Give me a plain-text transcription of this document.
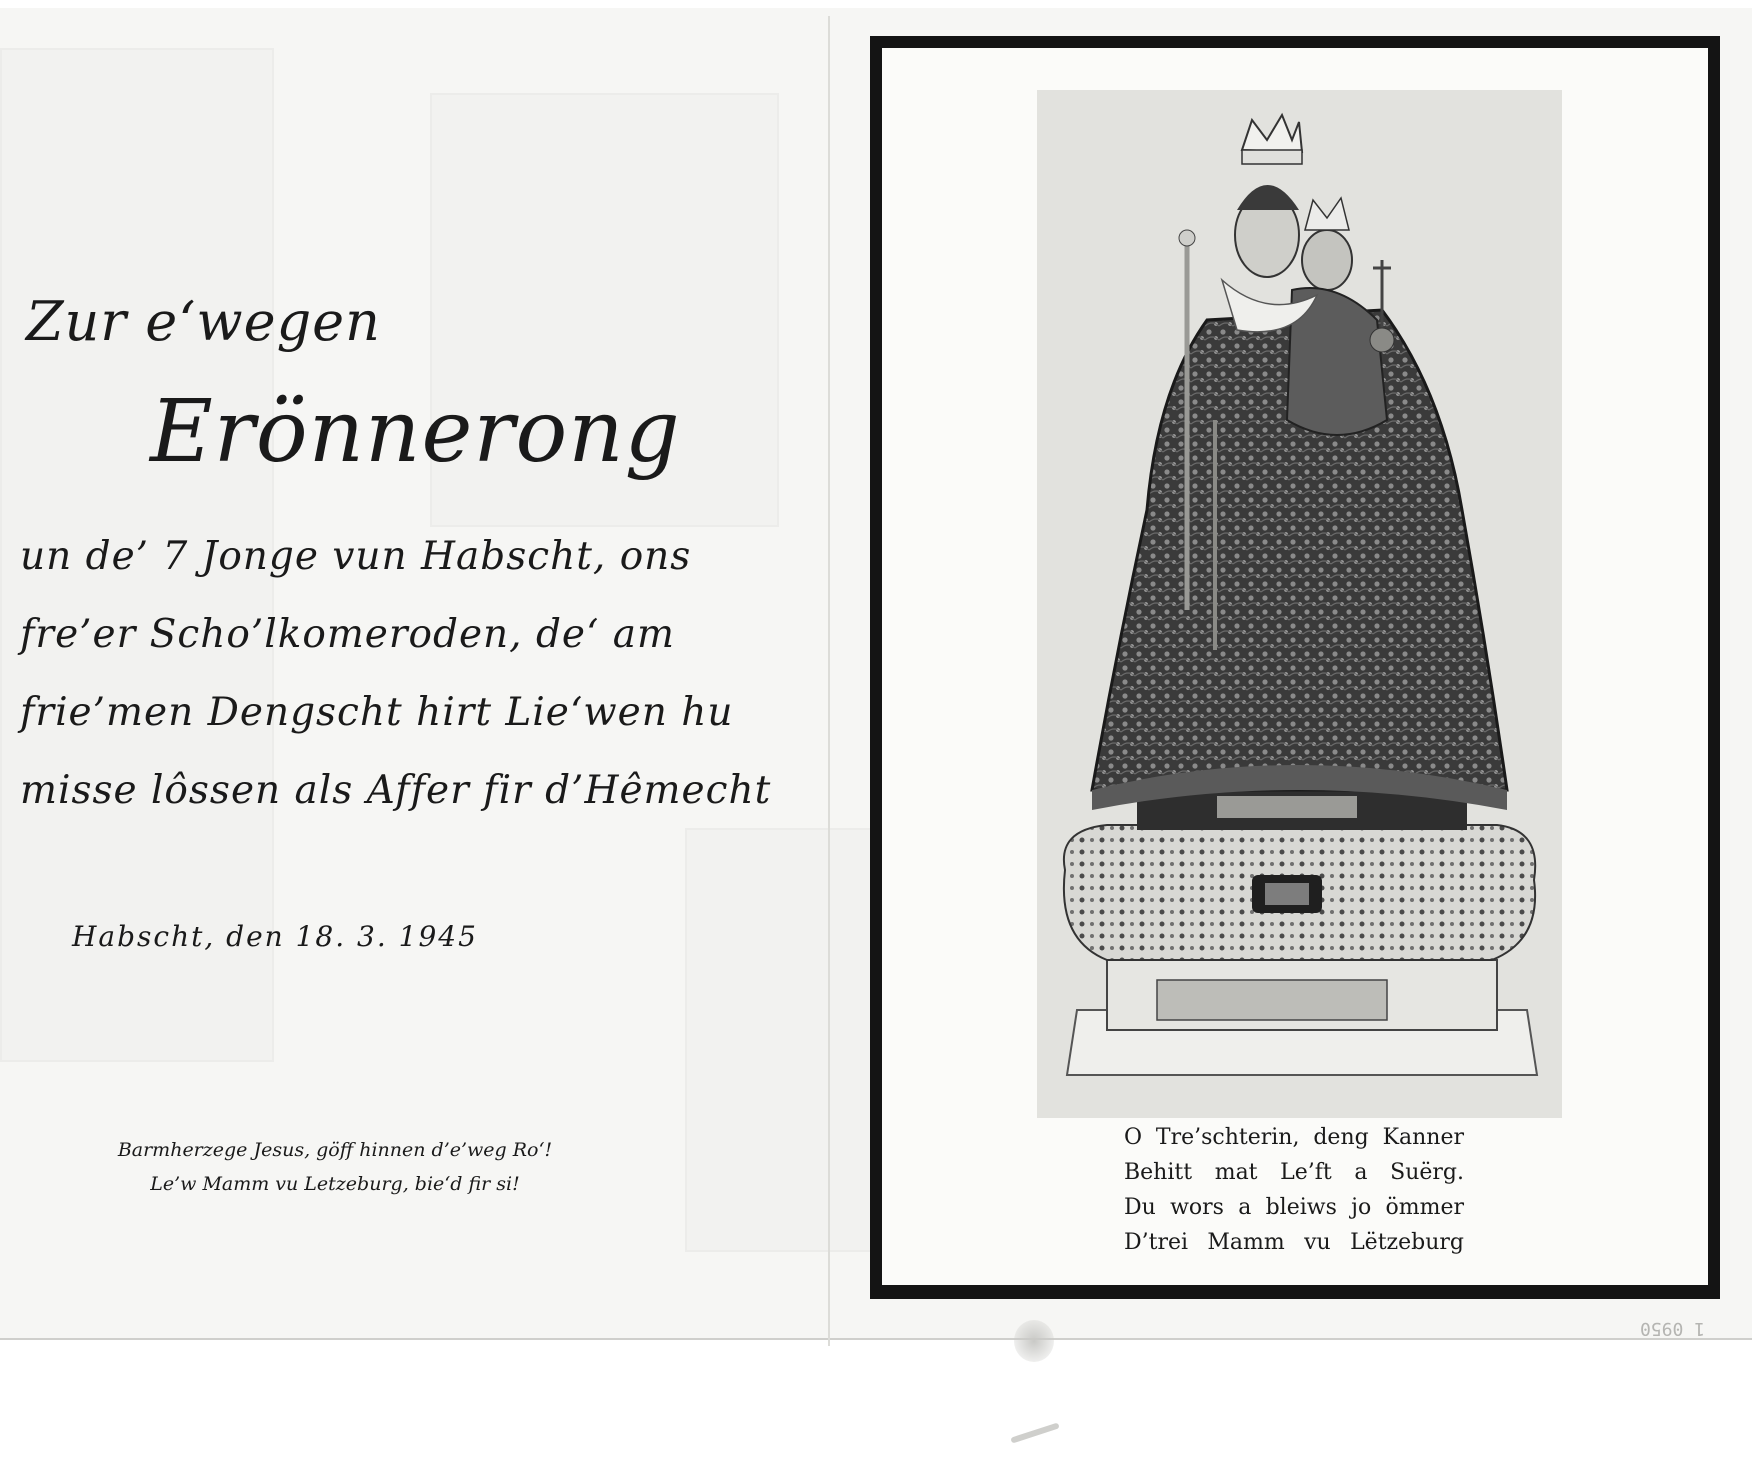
Zur e‘wegen
Erönnerong
un de’ 7 Jonge vun Habscht, ons
fre’er Scho’lkomeroden, de‘ am
frie’men Dengscht hirt Lie‘wen hu
misse lôssen als Affer fir d’Hêmecht
Habscht, den 18. 3. 1945
Barmherzege Jesus, göff hinnen d’e’weg Ro‘!
Le’w Mamm vu Letzeburg, bie‘d fir si!
O Tre’schterin, deng Kanner
Behitt mat Le’ft a Suërg.
Du wors a bleiws jo ömmer
D’trei Mamm vu Lëtzeburg
1 0950
